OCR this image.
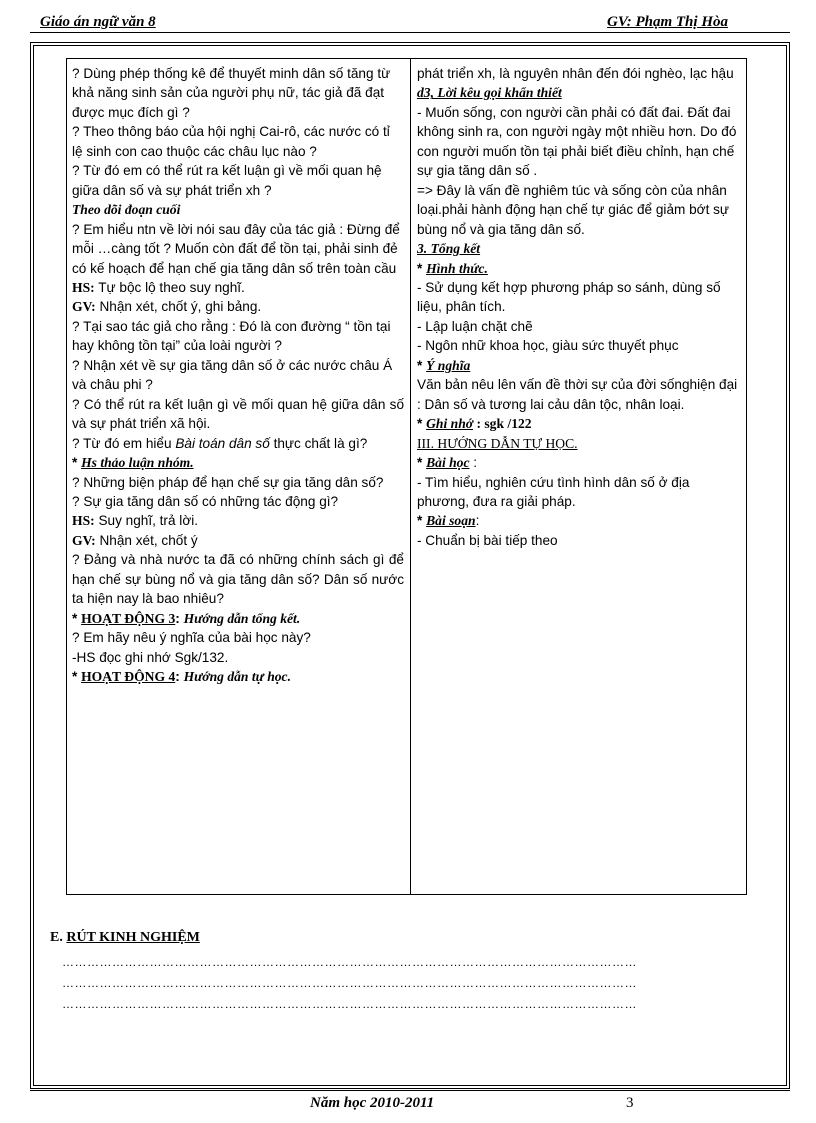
Giáo án ngữ văn 8	GV: Phạm Thị Hòa

? Dùng phép thống kê để thuyết minh dân số tăng từ khả năng sinh sản của người phụ nữ, tác giả đã đạt được mục đích gì ?

? Theo thông báo của hội nghị Cai-rô, các nước có tỉ lệ sinh con cao thuộc các châu lục nào ?

? Từ đó em có thể rút ra kết luận gì về mối quan hệ giữa dân số và sự phát triển xh ?

Theo dõi đoạn cuối

? Em hiểu ntn về lời nói sau đây của tác giả : Đừng để mỗi …càng tốt ? Muốn còn đất để tồn tại, phải sinh đẻ có kế hoạch để hạn chế gia tăng dân số trên toàn cầu

HS: Tự bộc lộ theo suy nghĩ.

GV: Nhận xét, chốt ý, ghi bảng.

? Tại sao tác giả cho rằng : Đó là con đường “ tồn tại hay không tồn tại” của loài người ?

? Nhận xét về sự gia tăng dân số ở các nước châu Á và châu phi ?

? Có thể rút ra kết luận gì về mối quan hệ giữa dân số và sự phát triển xã hội.

? Từ đó em hiểu Bài toán dân số thực chất là gì?

* Hs thảo luận nhóm.

? Những biện pháp để hạn chế sự gia tăng dân số?

? Sự gia tăng dân số có những tác động gì?

HS: Suy nghĩ, trả lời.

GV: Nhận xét, chốt ý

? Đảng và nhà nước ta đã có những chính sách gì để hạn chế sự bùng nổ và gia tăng dân số? Dân số nước ta hiện nay là bao nhiêu?

* HOẠT ĐỘNG 3: Hướng dẫn tổng kết.

? Em hãy nêu ý nghĩa của bài học này?

-HS đọc ghi nhớ Sgk/132.

* HOẠT ĐỘNG 4: Hướng dẫn tự học.

phát triển xh, là nguyên nhân đến đói nghèo, lạc hậu

d3, Lời kêu gọi khẩn thiết

- Muốn sống, con người cần phải có đất đai. Đất đai không sinh ra, con người ngày một nhiều hơn. Do đó con người muốn tồn tại phải biết điều chỉnh, hạn chế sự gia tăng dân số .

=> Đây là vấn đề nghiêm túc và sống còn của nhân loại.phải hành động hạn chế tự giác để giảm bớt sự bùng nổ và gia tăng dân số.

3. Tổng kết

* Hình thức.

- Sử dụng kết hợp phương pháp so sánh, dùng số liệu, phân tích.

- Lập luận chặt chẽ

- Ngôn nhữ khoa học, giàu sức thuyết phục

* Ý nghĩa

Văn bản nêu lên vấn đề thời sự của đời sốnghiện đại : Dân số và tương lai cảu dân tộc, nhân loại.

* Ghi nhớ : sgk /122

III. HƯỚNG DẪN TỰ HỌC.

* Bài học :

- Tìm hiểu, nghiên cứu tình hình dân số ở địa phương, đưa ra giải pháp.

* Bài soạn:

- Chuẩn bị bài tiếp theo

E. RÚT KINH NGHIỆM
…………………………………………………………………………………………………………………………
…………………………………………………………………………………………………………………………
…………………………………………………………………………………………………………………………
Năm học 2010-2011	3
